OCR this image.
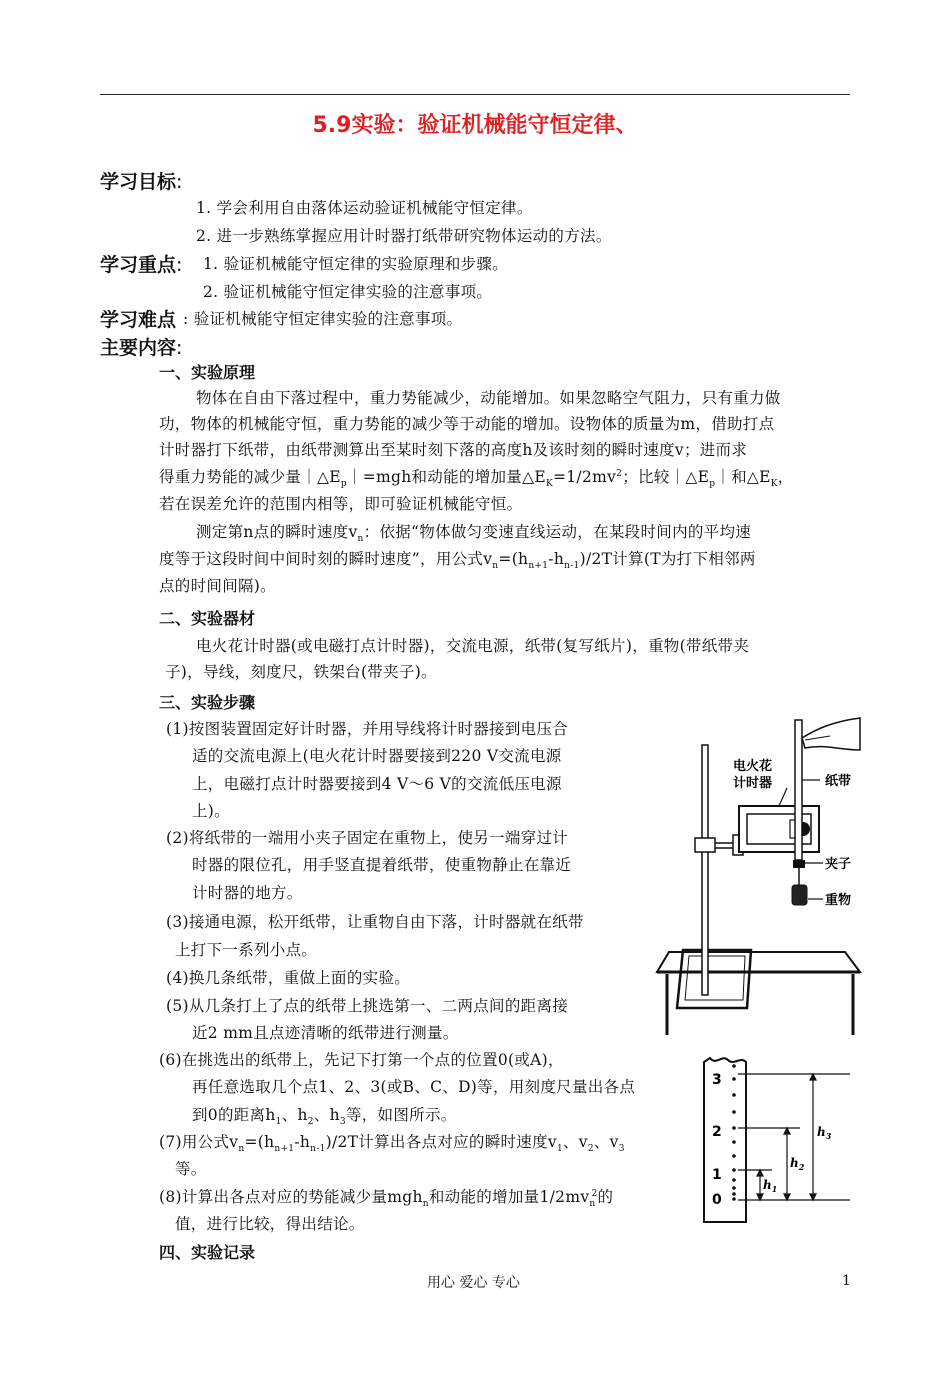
5.9实验：验证机械能守恒定律、
学习目标:
1. 学会利用自由落体运动验证机械能守恒定律。
2. 进一步熟练掌握应用计时器打纸带研究物体运动的方法。
学习重点: 1. 验证机械能守恒定律的实验原理和步骤。
2. 验证机械能守恒定律实验的注意事项。
学习难点 : 验证机械能守恒定律实验的注意事项。
主要内容:
一、实验原理
物体在自由下落过程中，重力势能减少，动能增加。如果忽略空气阻力，只有重力做
功，物体的机械能守恒，重力势能的减少等于动能的增加。设物体的质量为m，借助打点
计时器打下纸带，由纸带测算出至某时刻下落的高度h及该时刻的瞬时速度v；进而求
得重力势能的减少量$|\triangle E_p|=mgh$和动能的增加量$\triangle E_K=1/2mv^2$；比较$|\triangle E_p|$和$\triangle E_K$，
若在误差允许的范围内相等，即可验证机械能守恒。
测定第n点的瞬时速度$v_n$：依据“物体做匀变速直线运动，在某段时间内的平均速
度等于这段时间中间时刻的瞬时速度”，用公式$v_n=(h_{n+1}-h_{n-1})/2T$计算(T为打下相邻两
点的时间间隔)。
二、实验器材
电火花计时器(或电磁打点计时器)，交流电源，纸带(复写纸片)，重物(带纸带夹
子)，导线，刻度尺，铁架台(带夹子)。
三、实验步骤
(1)按图装置固定好计时器，并用导线将计时器接到电压合
适的交流电源上(电火花计时器要接到220 V交流电源
上，电磁打点计时器要接到4 V～6 V的交流低压电源
上)。
(2)将纸带的一端用小夹子固定在重物上，使另一端穿过计
时器的限位孔，用手竖直提着纸带，使重物静止在靠近
计时器的地方。
(3)接通电源，松开纸带，让重物自由下落，计时器就在纸带
上打下一系列小点。
(4)换几条纸带，重做上面的实验。
(5)从几条打上了点的纸带上挑选第一、二两点间的距离接
近2 mm且点迹清晰的纸带进行测量。
(6)在挑选出的纸带上，先记下打第一个点的位置0(或A)，
再任意选取几个点1、2、3(或B、C、D)等，用刻度尺量出各点
到0的距离$h_1$、$h_2$、$h_3$等，如图所示。
(7)用公式$v_n=(h_{n+1}-h_{n-1})/2T$计算出各点对应的瞬时速度$v_1$、$v_2$、$v_3$
等。
(8)计算出各点对应的势能减少量mgh$_n$和动能的增加量$1/2mv_n^2$的
值，进行比较，得出结论。
四、实验记录
电火花
计时器	纸带
夹子
重物
3
2
1
0
$h_1$
$h_2$
$h_3$
用心 爱心 专心	1
